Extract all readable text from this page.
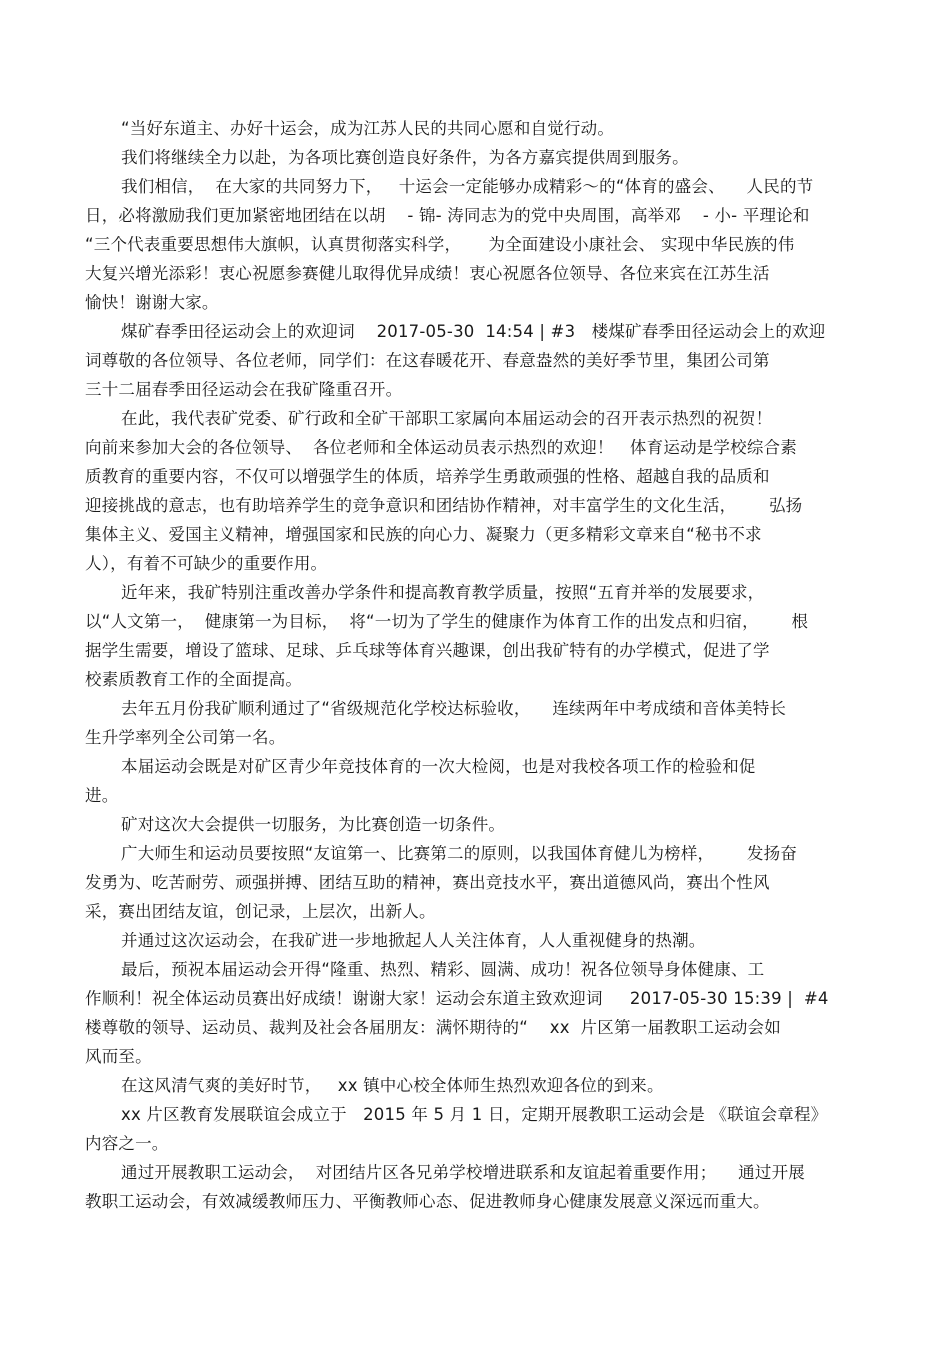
“当好东道主、办好十运会，成为江苏人民的共同心愿和自觉行动。
我们将继续全力以赴，为各项比赛创造良好条件，为各方嘉宾提供周到服务。
我们相信，  在大家的共同努力下，   十运会一定能够办成精彩～的“体育的盛会、    人民的节
日，必将激励我们更加紧密地团结在以胡    - 锦- 涛同志为的党中央周围，高举邓    - 小- 平理论和
“三个代表重要思想伟大旗帜，认真贯彻落实科学，     为全面建设小康社会、 实现中华民族的伟
大复兴增光添彩！衷心祝愿参赛健儿取得优异成绩！衷心祝愿各位领导、各位来宾在江苏生活
愉快！谢谢大家。
煤矿春季田径运动会上的欢迎词    2017-05-30  14:54 | #3   楼煤矿春季田径运动会上的欢迎
词尊敬的各位领导、各位老师，同学们：在这春暖花开、春意盎然的美好季节里，集团公司第
三十二届春季田径运动会在我矿隆重召开。
在此，我代表矿党委、矿行政和全矿干部职工家属向本届运动会的召开表示热烈的祝贺！
向前来参加大会的各位领导、  各位老师和全体运动员表示热烈的欢迎！   体育运动是学校综合素
质教育的重要内容，不仅可以增强学生的体质，培养学生勇敢顽强的性格、超越自我的品质和
迎接挑战的意志，也有助培养学生的竞争意识和团结协作精神，对丰富学生的文化生活，      弘扬
集体主义、爱国主义精神，增强国家和民族的向心力、凝聚力（更多精彩文章来自“秘书不求
人），有着不可缺少的重要作用。
近年来，我矿特别注重改善办学条件和提高教育教学质量，按照“五育并举的发展要求，
以“人文第一，  健康第一为目标，  将“一切为了学生的健康作为体育工作的出发点和归宿，      根
据学生需要，增设了篮球、足球、乒乓球等体育兴趣课，创出我矿特有的办学模式，促进了学
校素质教育工作的全面提高。
去年五月份我矿顺利通过了“省级规范化学校达标验收，    连续两年中考成绩和音体美特长
生升学率列全公司第一名。
本届运动会既是对矿区青少年竞技体育的一次大检阅，也是对我校各项工作的检验和促
进。
矿对这次大会提供一切服务，为比赛创造一切条件。
广大师生和运动员要按照“友谊第一、比赛第二的原则，以我国体育健儿为榜样，      发扬奋
发勇为、吃苦耐劳、顽强拼搏、团结互助的精神，赛出竞技水平，赛出道德风尚，赛出个性风
采，赛出团结友谊，创记录，上层次，出新人。
并通过这次运动会，在我矿进一步地掀起人人关注体育，人人重视健身的热潮。
最后，预祝本届运动会开得“隆重、热烈、精彩、圆满、成功！祝各位领导身体健康、工
作顺利！祝全体运动员赛出好成绩！谢谢大家！运动会东道主致欢迎词     2017-05-30 15:39 |  #4
楼尊敬的领导、运动员、裁判及社会各届朋友：满怀期待的“    xx  片区第一届教职工运动会如
风而至。
在这风清气爽的美好时节，   xx 镇中心校全体师生热烈欢迎各位的到来。
xx 片区教育发展联谊会成立于   2015 年 5 月 1 日，定期开展教职工运动会是 《联谊会章程》
内容之一。
通过开展教职工运动会，  对团结片区各兄弟学校增进联系和友谊起着重要作用；    通过开展
教职工运动会，有效减缓教师压力、平衡教师心态、促进教师身心健康发展意义深远而重大。
